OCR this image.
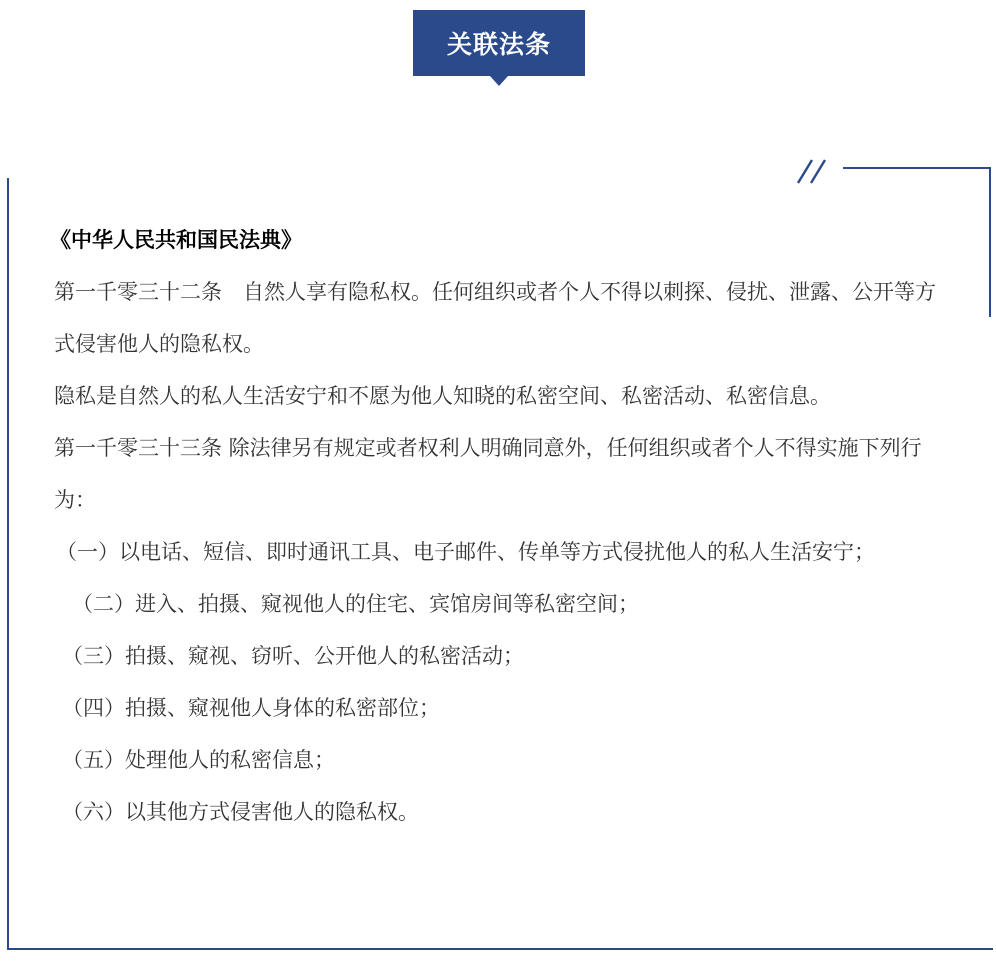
关联法条

《中华人民共和国民法典》

第一千零三十二条　自然人享有隐私权。任何组织或者个人不得以刺探、侵扰、泄露、公开等方式侵害他人的隐私权。

隐私是自然人的私人生活安宁和不愿为他人知晓的私密空间、私密活动、私密信息。

第一千零三十三条 除法律另有规定或者权利人明确同意外，任何组织或者个人不得实施下列行为：

（一）以电话、短信、即时通讯工具、电子邮件、传单等方式侵扰他人的私人生活安宁；

（二）进入、拍摄、窥视他人的住宅、宾馆房间等私密空间；

（三）拍摄、窥视、窃听、公开他人的私密活动；

（四）拍摄、窥视他人身体的私密部位；

（五）处理他人的私密信息；

（六）以其他方式侵害他人的隐私权。
